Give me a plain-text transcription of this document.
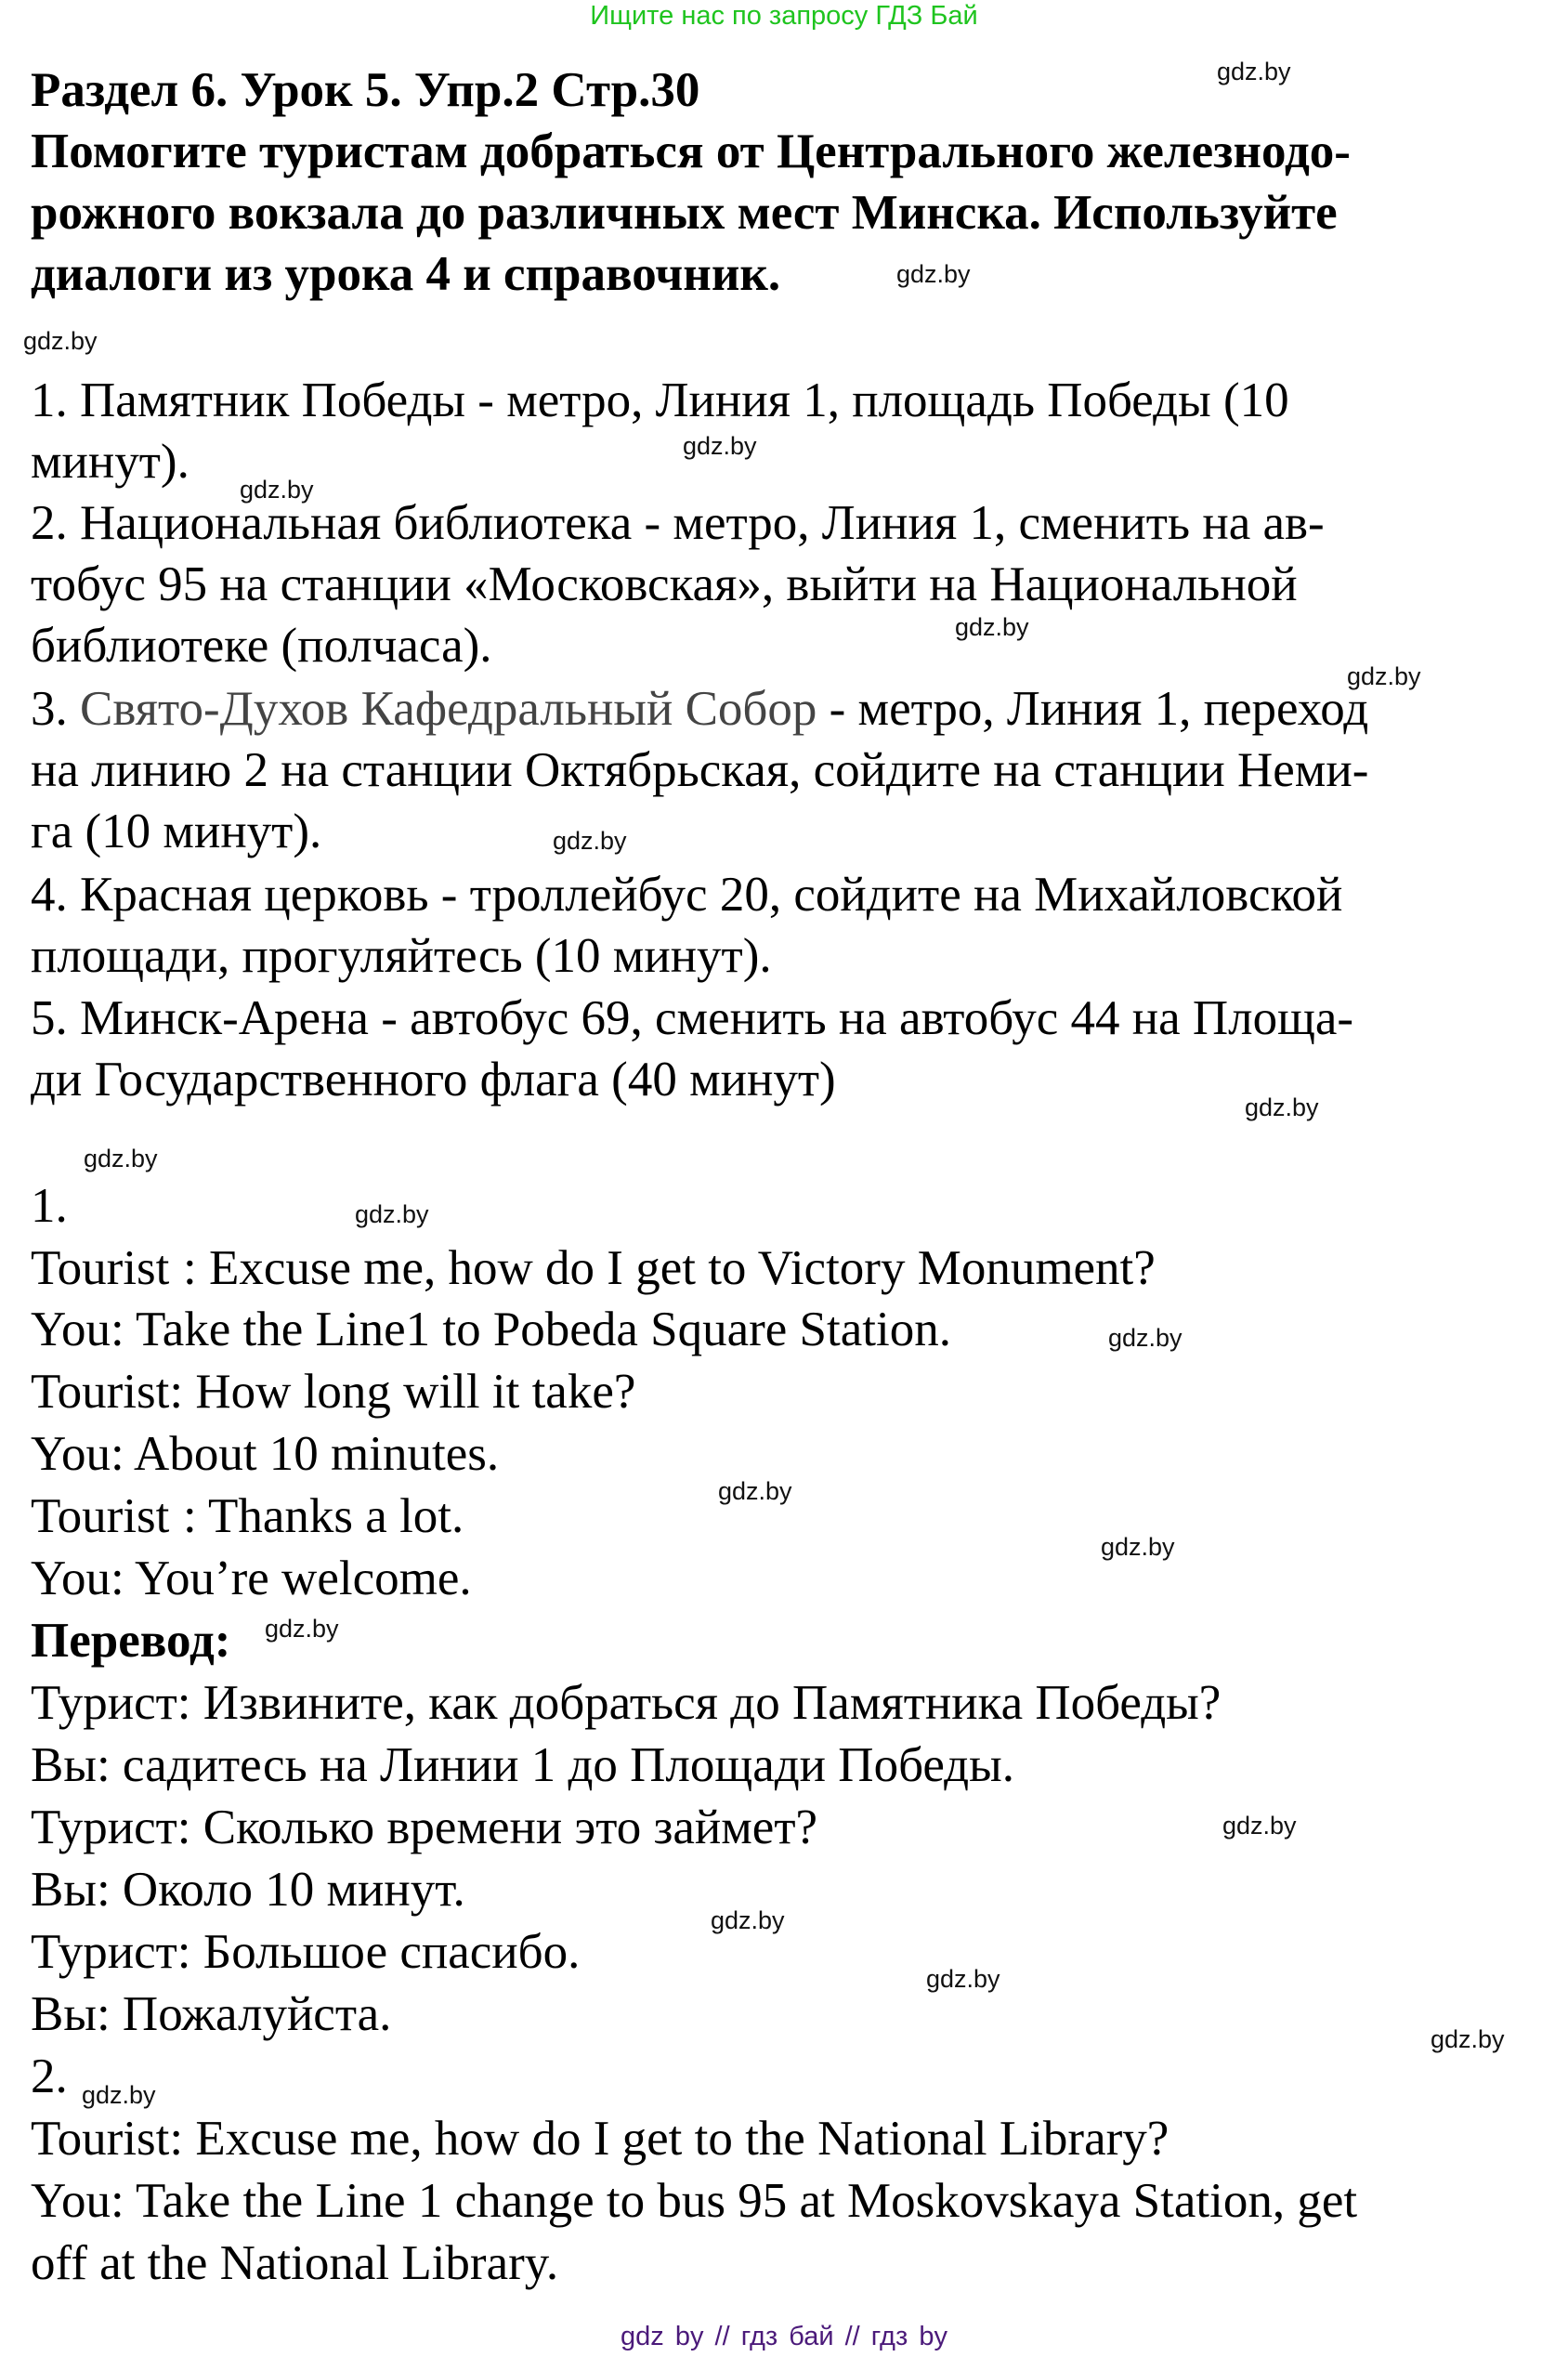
Ищите нас по запросу ГДЗ Бай
Раздел 6. Урок 5. Упр.2 Стр.30
Помогите туристам добраться от Центрального железнодо-
рожного вокзала до различных мест Минска. Используйте
диалоги из урока 4 и справочник.
1. Памятник Победы - метро, Линия 1, площадь Победы (10
минут).
2. Национальная библиотека - метро, Линия 1, сменить на ав-
тобус 95 на станции «Московская», выйти на Национальной
библиотеке (полчаса).
3. Свято-Духов Кафедральный Собор - метро, Линия 1, переход
на линию 2 на станции Октябрьская, сойдите на станции Неми-
га (10 минут).
4. Красная церковь - троллейбус 20, сойдите на Михайловской
площади, прогуляйтесь (10 минут).
5. Минск-Арена - автобус 69, сменить на автобус 44 на Площа-
ди Государственного флага (40 минут)
1.
Tourist : Excuse me, how do I get to Victory Monument?
You: Take the Line1 to Pobeda Square Station.
Tourist: How long will it take?
You: About 10 minutes.
Tourist : Thanks a lot.
You: You’re welcome.
Перевод:
Турист: Извините, как добраться до Памятника Победы?
Вы: садитесь на Линии 1 до Площади Победы.
Турист: Сколько времени это займет?
Вы: Около 10 минут.
Турист: Большое спасибо.
Вы: Пожалуйста.
2.
Tourist: Excuse me, how do I get to the National Library?
You: Take the Line 1 change to bus 95 at Moskovskaya Station, get
off at the National Library.
gdz.by
gdz.by
gdz.by
gdz.by
gdz.by
gdz.by
gdz.by
gdz.by
gdz.by
gdz.by
gdz.by
gdz.by
gdz.by
gdz.by
gdz.by
gdz.by
gdz.by
gdz.by
gdz.by
gdz.by
gdz by // гдз бай // гдз by
